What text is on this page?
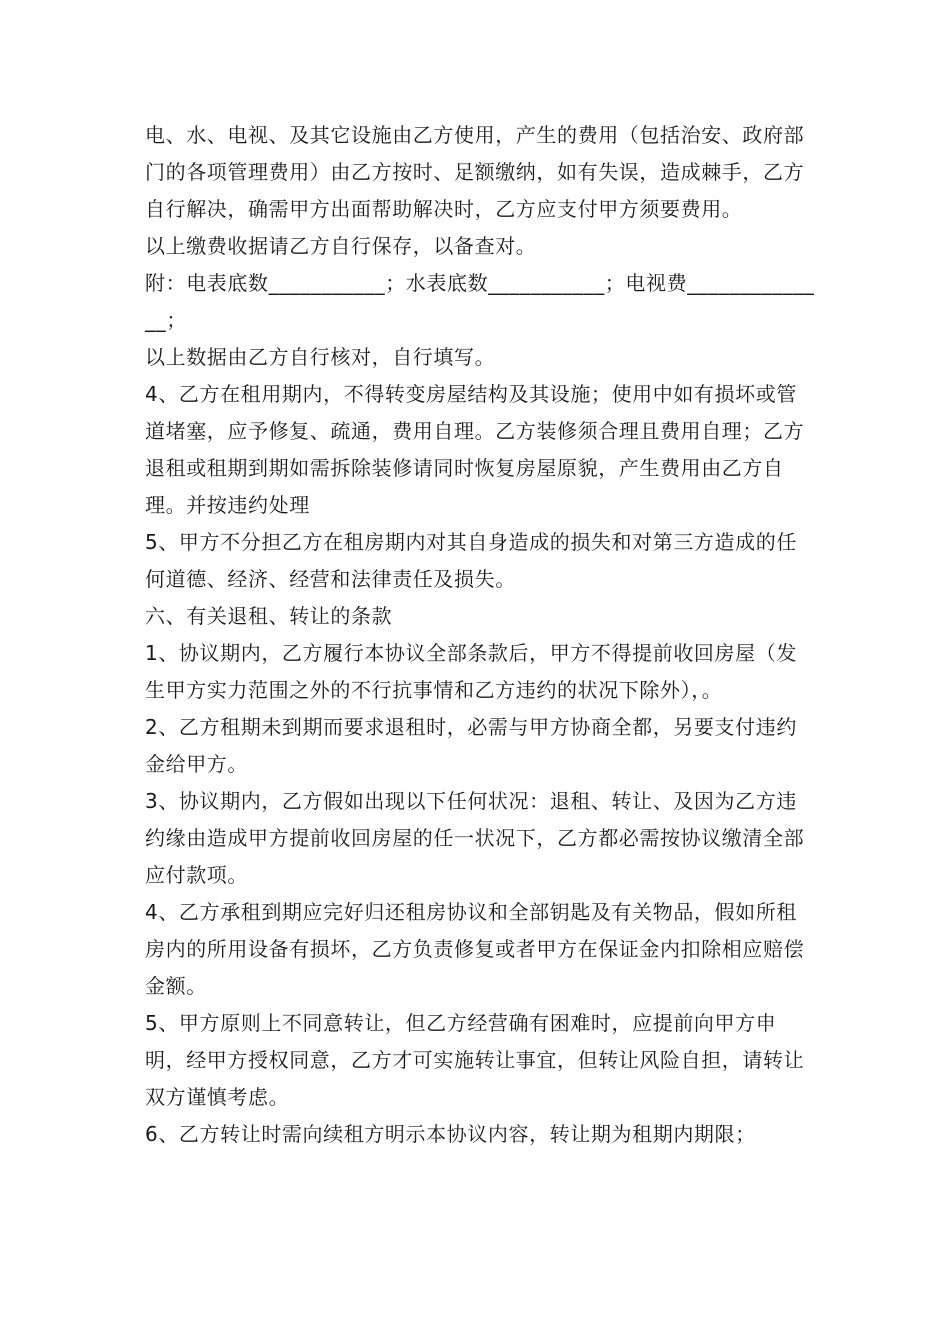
电、水、电视、及其它设施由乙方使用，产生的费用（包括治安、政府部门的各项管理费用）由乙方按时、足额缴纳，如有失误，造成棘手，乙方自行解决，确需甲方出面帮助解决时，乙方应支付甲方须要费用。

以上缴费收据请乙方自行保存，以备查对。

附：电表底数___________；水表底数___________；电视费______________；

以上数据由乙方自行核对，自行填写。

4、乙方在租用期内，不得转变房屋结构及其设施；使用中如有损坏或管道堵塞，应予修复、疏通，费用自理。乙方装修须合理且费用自理；乙方退租或租期到期如需拆除装修请同时恢复房屋原貌，产生费用由乙方自理。并按违约处理

5、甲方不分担乙方在租房期内对其自身造成的损失和对第三方造成的任何道德、经济、经营和法律责任及损失。

六、有关退租、转让的条款

1、协议期内，乙方履行本协议全部条款后，甲方不得提前收回房屋（发生甲方实力范围之外的不行抗事情和乙方违约的状况下除外），。

2、乙方租期未到期而要求退租时，必需与甲方协商全都，另要支付违约金给甲方。

3、协议期内，乙方假如出现以下任何状况：退租、转让、及因为乙方违约缘由造成甲方提前收回房屋的任一状况下，乙方都必需按协议缴清全部应付款项。

4、乙方承租到期应完好归还租房协议和全部钥匙及有关物品，假如所租房内的所用设备有损坏，乙方负责修复或者甲方在保证金内扣除相应赔偿金额。

5、甲方原则上不同意转让，但乙方经营确有困难时，应提前向甲方申明，经甲方授权同意，乙方才可实施转让事宜，但转让风险自担，请转让双方谨慎考虑。

6、乙方转让时需向续租方明示本协议内容，转让期为租期内期限；
